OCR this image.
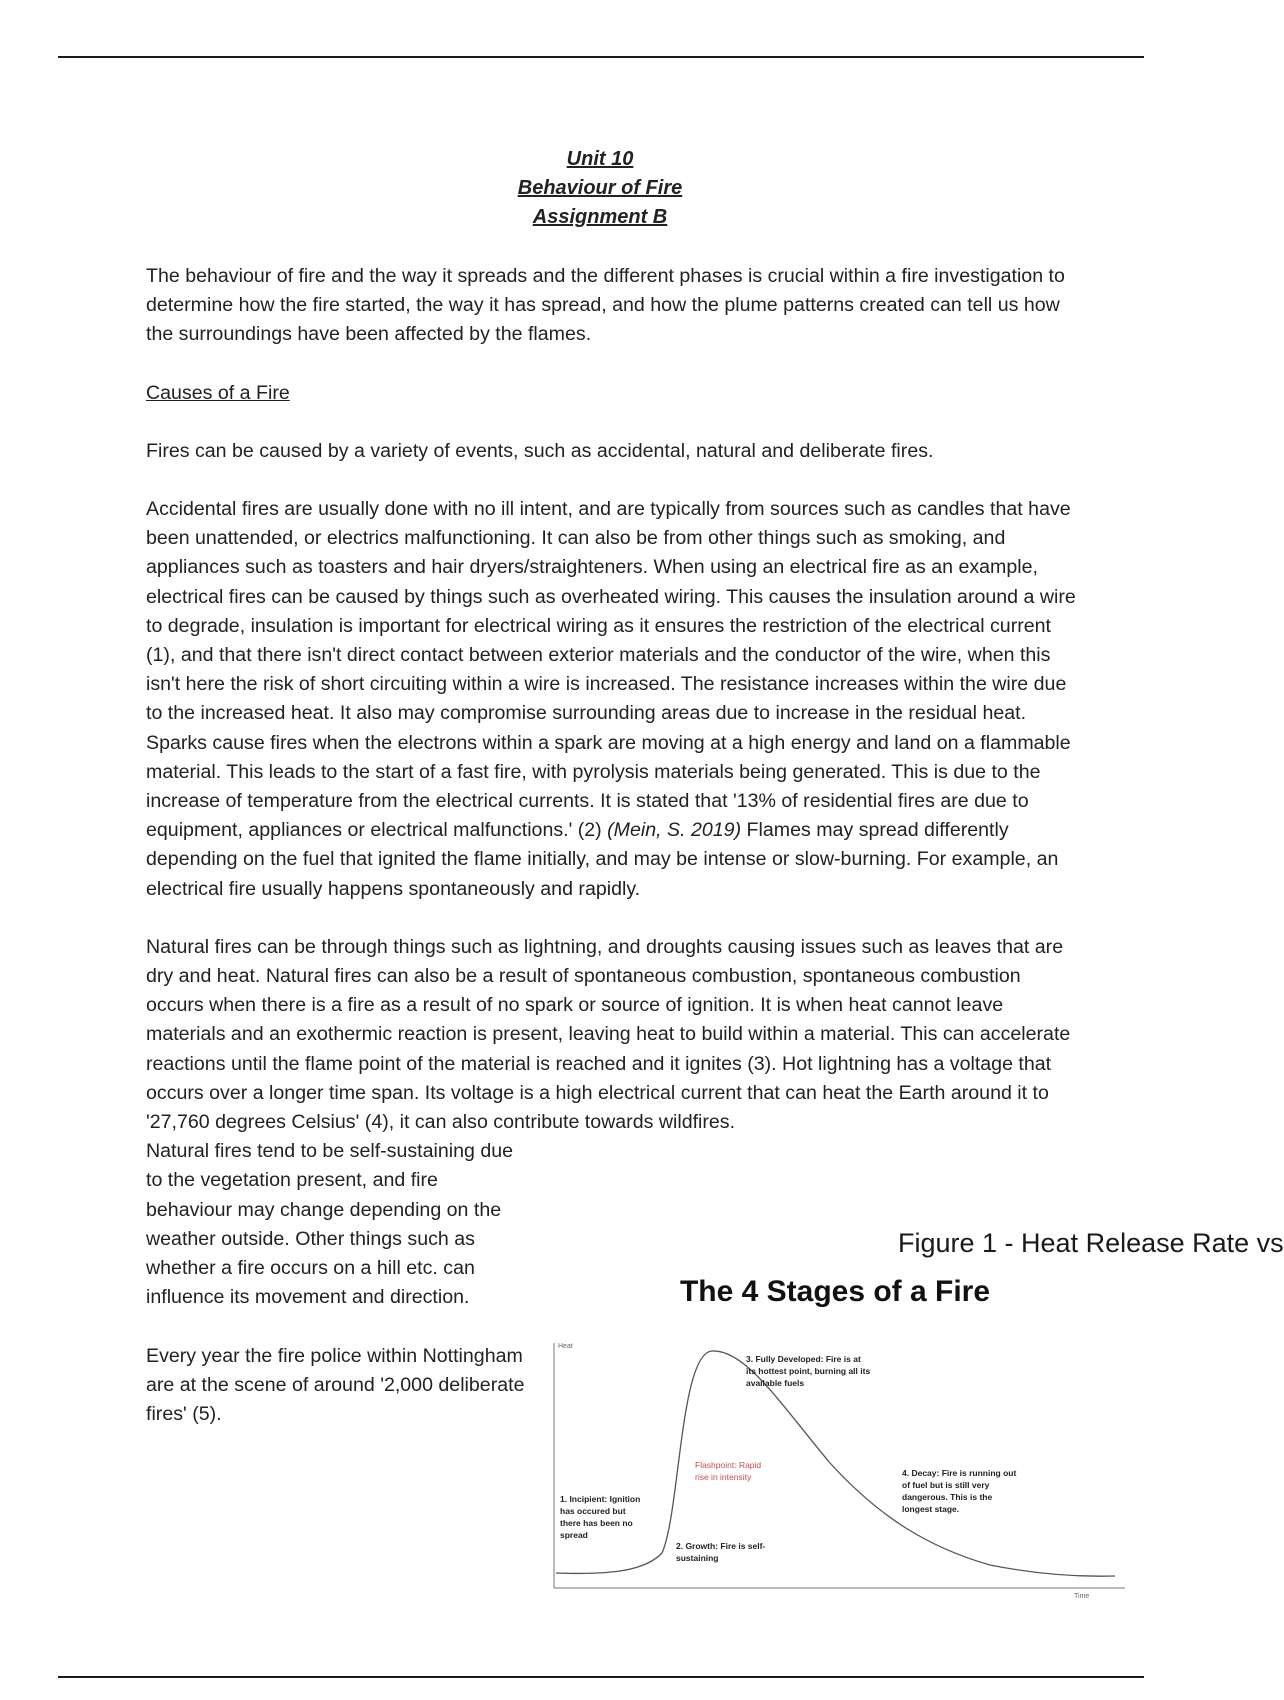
Unit 10
Behaviour of Fire
Assignment B

The behaviour of fire and the way it spreads and the different phases is crucial within a fire investigation to determine how the fire started, the way it has spread, and how the plume patterns created can tell us how the surroundings have been affected by the flames.

Causes of a Fire

Fires can be caused by a variety of events, such as accidental, natural and deliberate fires.

Accidental fires are usually done with no ill intent, and are typically from sources such as candles that have been unattended, or electrics malfunctioning. It can also be from other things such as smoking, and appliances such as toasters and hair dryers/straighteners. When using an electrical fire as an example, electrical fires can be caused by things such as overheated wiring. This causes the insulation around a wire to degrade, insulation is important for electrical wiring as it ensures the restriction of the electrical current (1), and that there isn't direct contact between exterior materials and the conductor of the wire, when this isn't here the risk of short circuiting within a wire is increased. The resistance increases within the wire due to the increased heat. It also may compromise surrounding areas due to increase in the residual heat. Sparks cause fires when the electrons within a spark are moving at a high energy and land on a flammable material. This leads to the start of a fast fire, with pyrolysis materials being generated. This is due to the increase of temperature from the electrical currents. It is stated that '13% of residential fires are due to equipment, appliances or electrical malfunctions.' (2) (Mein, S. 2019) Flames may spread differently depending on the fuel that ignited the flame initially, and may be intense or slow-burning. For example, an electrical fire usually happens spontaneously and rapidly.

Natural fires can be through things such as lightning, and droughts causing issues such as leaves that are dry and heat. Natural fires can also be a result of spontaneous combustion, spontaneous combustion occurs when there is a fire as a result of no spark or source of ignition. It is when heat cannot leave materials and an exothermic reaction is present, leaving heat to build within a material. This can accelerate reactions until the flame point of the material is reached and it ignites (3). Hot lightning has a voltage that occurs over a longer time span. Its voltage is a high electrical current that can heat the Earth around it to '27,760 degrees Celsius' (4), it can also contribute towards wildfires.

Natural fires tend to be self-sustaining due to the vegetation present, and fire behaviour may change depending on the weather outside. Other things such as whether a fire occurs on a hill etc. can influence its movement and direction.

Every year the fire police within Nottingham are at the scene of around '2,000 deliberate fires' (5).

Figure 1 - Heat Release Rate vs
The 4 Stages of a Fire
Heat
Time
1. Incipient: Ignition has occured but there has been no spread
2. Growth: Fire is self-sustaining
3. Fully Developed: Fire is at its hottest point, burning all its available fuels
4. Decay: Fire is running out of fuel but is still very dangerous. This is the longest stage.
Flashpoint: Rapid rise in intensity
